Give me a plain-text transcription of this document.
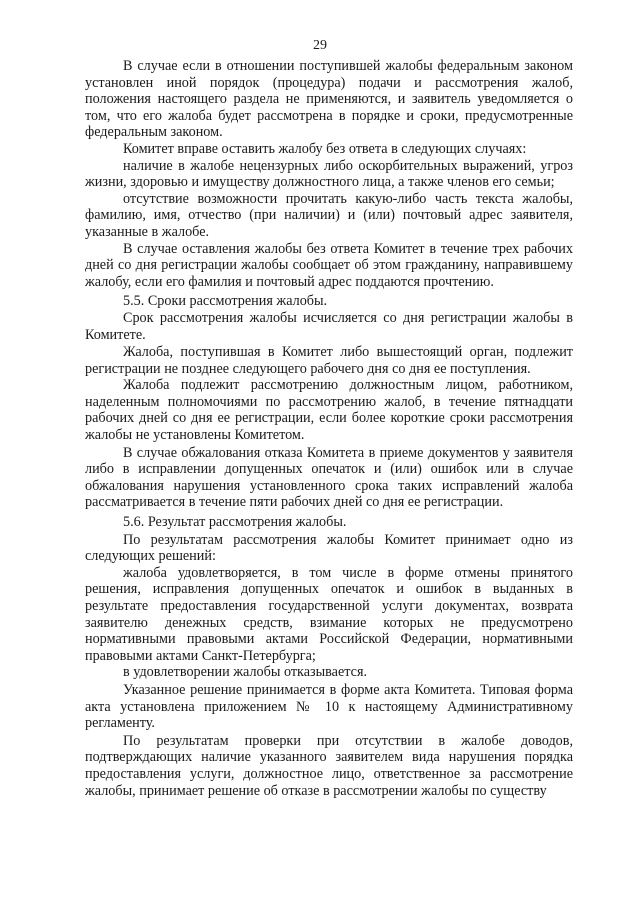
29

В случае если в отношении поступившей жалобы федеральным законом установлен иной порядок (процедура) подачи и рассмотрения жалоб, положения настоящего раздела не применяются, и заявитель уведомляется о том, что его жалоба будет рассмотрена в порядке и сроки, предусмотренные федеральным законом.

Комитет вправе оставить жалобу без ответа в следующих случаях:

наличие в жалобе нецензурных либо оскорбительных выражений, угроз жизни, здоровью и имуществу должностного лица, а также членов его семьи;

отсутствие возможности прочитать какую-либо часть текста жалобы, фамилию, имя, отчество (при наличии) и (или) почтовый адрес заявителя, указанные в жалобе.

В случае оставления жалобы без ответа Комитет в течение трех рабочих дней со дня регистрации жалобы сообщает об этом гражданину, направившему жалобу, если его фамилия и почтовый адрес поддаются прочтению.

5.5. Сроки рассмотрения жалобы.

Срок рассмотрения жалобы исчисляется со дня регистрации жалобы в Комитете.

Жалоба, поступившая в Комитет либо вышестоящий орган, подлежит регистрации не позднее следующего рабочего дня со дня ее поступления.

Жалоба подлежит рассмотрению должностным лицом, работником, наделенным полномочиями по рассмотрению жалоб, в течение пятнадцати рабочих дней со дня ее регистрации, если более короткие сроки рассмотрения жалобы не установлены Комитетом.

В случае обжалования отказа Комитета в приеме документов у заявителя либо в исправлении допущенных опечаток и (или) ошибок или в случае обжалования нарушения установленного срока таких исправлений жалоба рассматривается в течение пяти рабочих дней со дня ее регистрации.

5.6. Результат рассмотрения жалобы.

По результатам рассмотрения жалобы Комитет принимает одно из следующих решений:

жалоба удовлетворяется, в том числе в форме отмены принятого решения, исправления допущенных опечаток и ошибок в выданных в результате предоставления государственной услуги документах, возврата заявителю денежных средств, взимание которых не предусмотрено нормативными правовыми актами Российской Федерации, нормативными правовыми актами Санкт-Петербурга;

в удовлетворении жалобы отказывается.

Указанное решение принимается в форме акта Комитета. Типовая форма акта установлена приложением № 10 к настоящему Административному регламенту.

По результатам проверки при отсутствии в жалобе доводов, подтверждающих наличие указанного заявителем вида нарушения порядка предоставления услуги, должностное лицо, ответственное за рассмотрение жалобы, принимает решение об отказе в рассмотрении жалобы по существу
